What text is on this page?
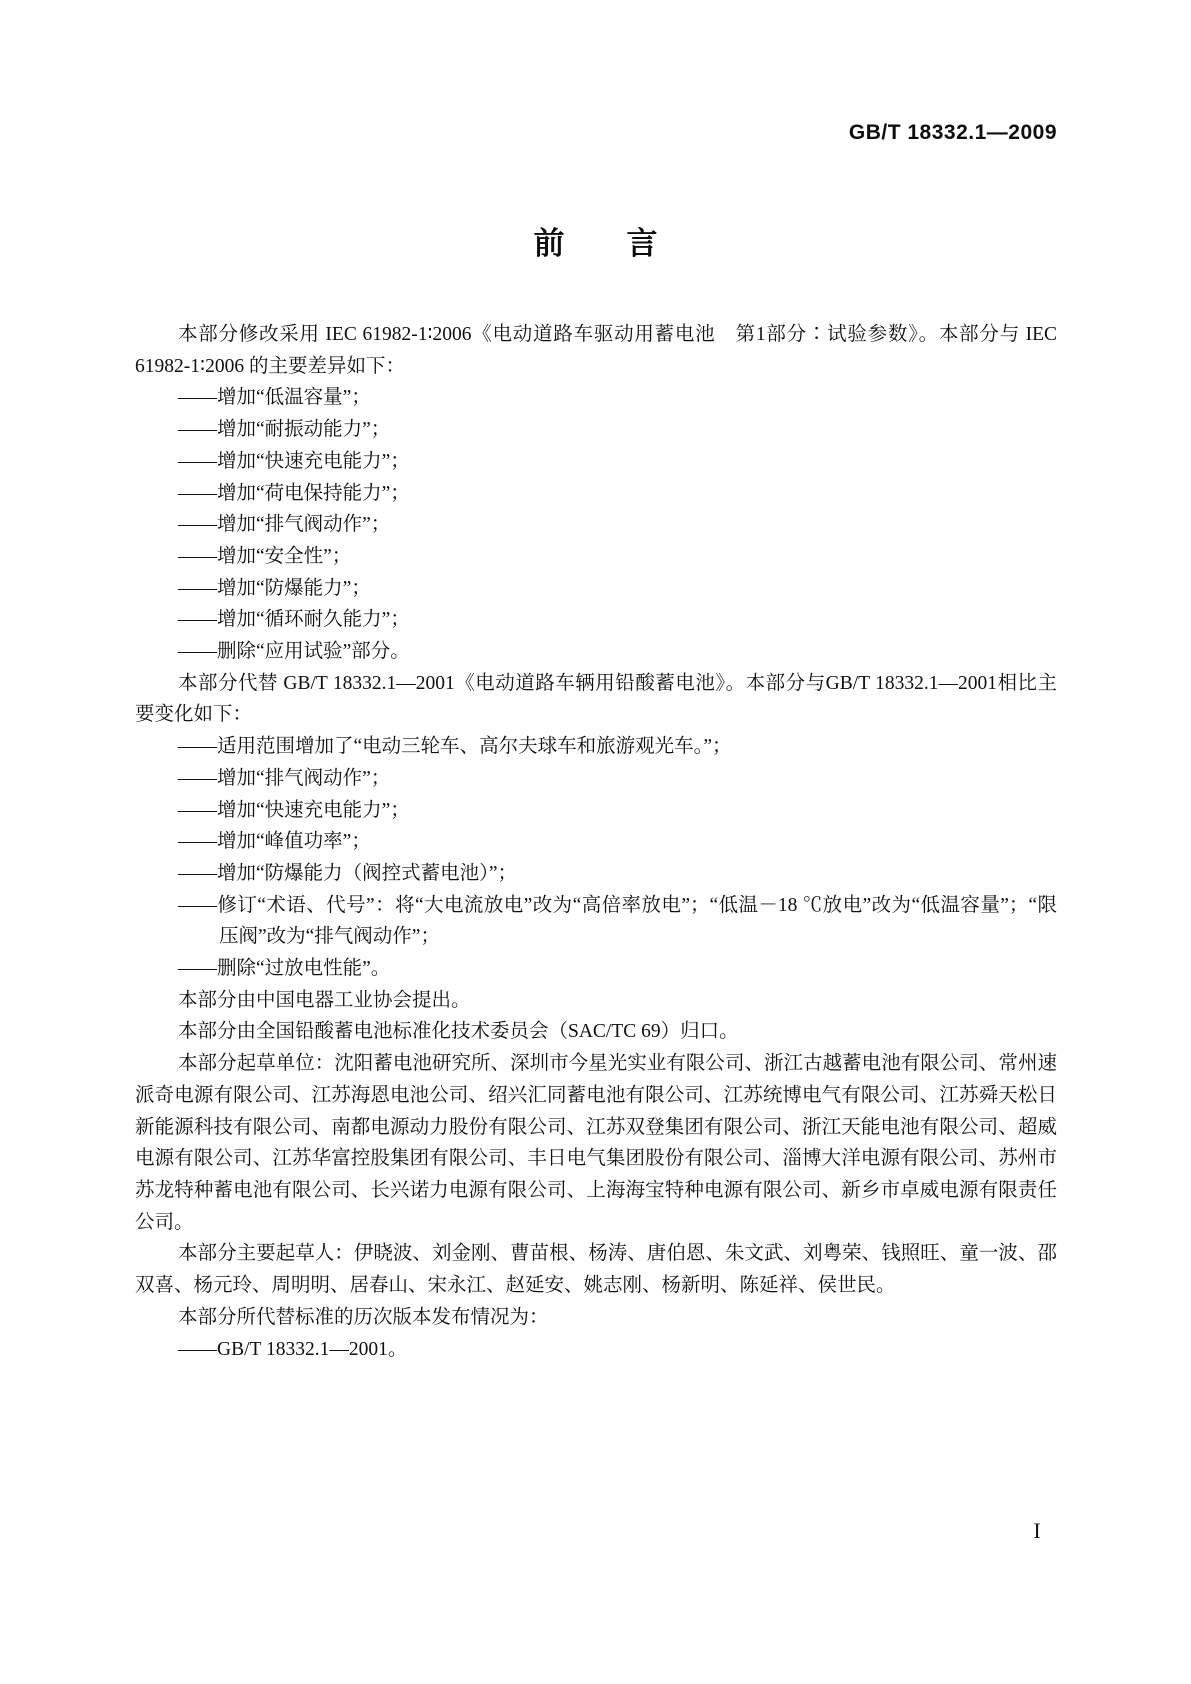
GB/T 18332.1—2009
前　　言
本部分修改采用 IEC 61982-1∶2006《电动道路车驱动用蓄电池　第1部分∶试验参数》。本部分与 IEC 61982-1∶2006 的主要差异如下：
——增加“低温容量”；
——增加“耐振动能力”；
——增加“快速充电能力”；
——增加“荷电保持能力”；
——增加“排气阀动作”；
——增加“安全性”；
——增加“防爆能力”；
——增加“循环耐久能力”；
——删除“应用试验”部分。
本部分代替 GB/T 18332.1—2001《电动道路车辆用铅酸蓄电池》。本部分与GB/T 18332.1—2001相比主要变化如下：
——适用范围增加了“电动三轮车、高尔夫球车和旅游观光车。”；
——增加“排气阀动作”；
——增加“快速充电能力”；
——增加“峰值功率”；
——增加“防爆能力（阀控式蓄电池）”；
——修订“术语、代号”：将“大电流放电”改为“高倍率放电”；“低温－18 ℃放电”改为“低温容量”；“限压阀”改为“排气阀动作”；
——删除“过放电性能”。
本部分由中国电器工业协会提出。
本部分由全国铅酸蓄电池标准化技术委员会（SAC/TC 69）归口。
本部分起草单位：沈阳蓄电池研究所、深圳市今星光实业有限公司、浙江古越蓄电池有限公司、常州速派奇电源有限公司、江苏海恩电池公司、绍兴汇同蓄电池有限公司、江苏统博电气有限公司、江苏舜天松日新能源科技有限公司、南都电源动力股份有限公司、江苏双登集团有限公司、浙江天能电池有限公司、超威电源有限公司、江苏华富控股集团有限公司、丰日电气集团股份有限公司、淄博大洋电源有限公司、苏州市苏龙特种蓄电池有限公司、长兴诺力电源有限公司、上海海宝特种电源有限公司、新乡市卓威电源有限责任公司。
本部分主要起草人：伊晓波、刘金刚、曹苗根、杨涛、唐伯恩、朱文武、刘粤荣、钱照旺、童一波、邵双喜、杨元玲、周明明、居春山、宋永江、赵延安、姚志刚、杨新明、陈延祥、侯世民。
本部分所代替标准的历次版本发布情况为：
——GB/T 18332.1—2001。
I
